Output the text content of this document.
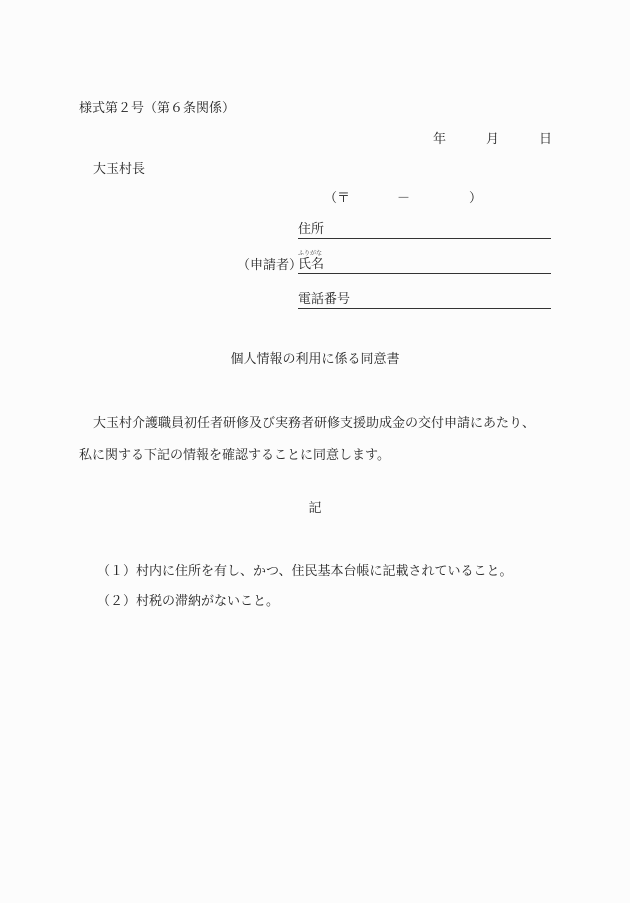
様式第２号（第６条関係）
年	月	日
大玉村長
（〒	－	）
住所
（申請者）
ふりがな
氏名
電話番号
個人情報の利用に係る同意書
大玉村介護職員初任者研修及び実務者研修支援助成金の交付申請にあたり、
私に関する下記の情報を確認することに同意します。
記
（１）村内に住所を有し、かつ、住民基本台帳に記載されていること。
（２）村税の滞納がないこと。
